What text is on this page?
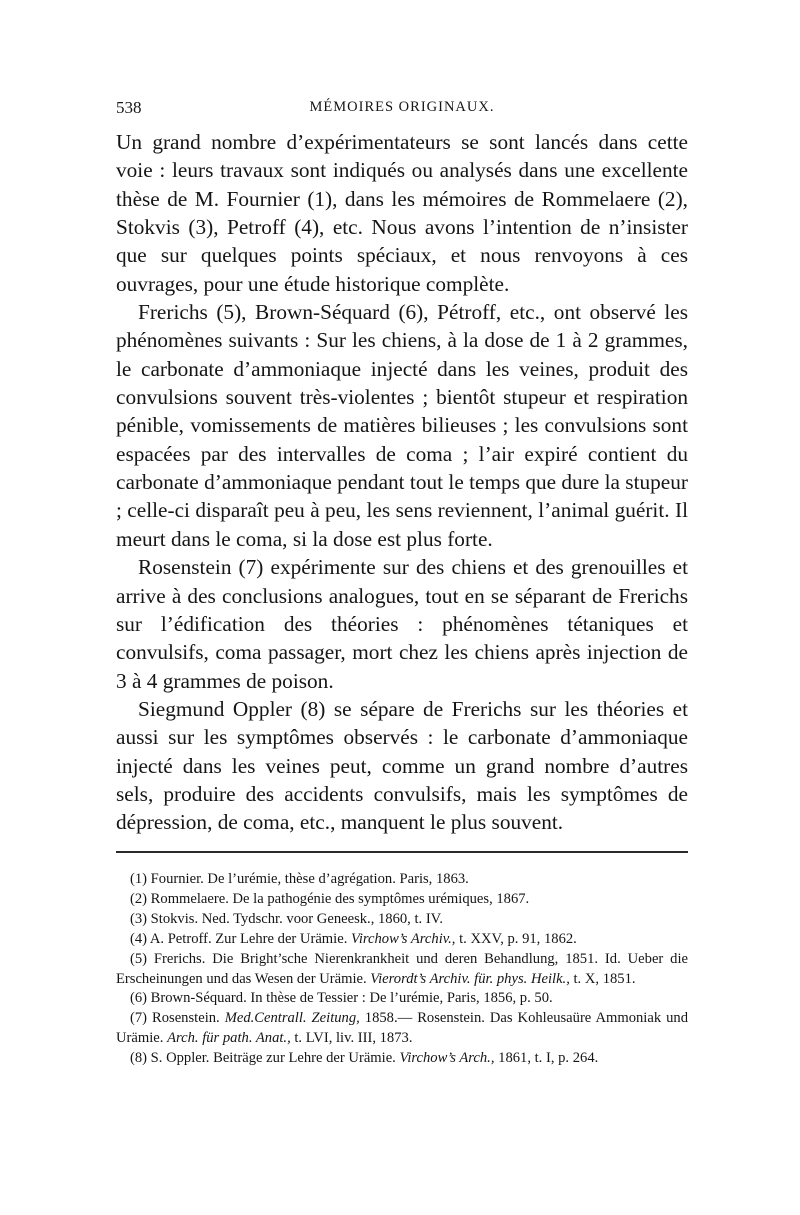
538	MÉMOIRES ORIGINAUX.

Un grand nombre d’expérimentateurs se sont lancés dans cette voie : leurs travaux sont indiqués ou analysés dans une excellente thèse de M. Fournier (1), dans les mémoires de Rommelaere (2), Stokvis (3), Petroff (4), etc. Nous avons l’intention de n’insister que sur quelques points spéciaux, et nous renvoyons à ces ouvrages, pour une étude historique complète.

Frerichs (5), Brown-Séquard (6), Pétroff, etc., ont observé les phénomènes suivants : Sur les chiens, à la dose de 1 à 2 grammes, le carbonate d’ammoniaque injecté dans les veines, produit des convulsions souvent très-violentes ; bientôt stupeur et respiration pénible, vomissements de matières bilieuses ; les convulsions sont espacées par des intervalles de coma ; l’air expiré contient du carbonate d’ammoniaque pendant tout le temps que dure la stupeur ; celle-ci disparaît peu à peu, les sens reviennent, l’animal guérit. Il meurt dans le coma, si la dose est plus forte.

Rosenstein (7) expérimente sur des chiens et des grenouilles et arrive à des conclusions analogues, tout en se séparant de Frerichs sur l’édification des théories : phénomènes tétaniques et convulsifs, coma passager, mort chez les chiens après injection de 3 à 4 grammes de poison.

Siegmund Oppler (8) se sépare de Frerichs sur les théories et aussi sur les symptômes observés : le carbonate d’ammoniaque injecté dans les veines peut, comme un grand nombre d’autres sels, produire des accidents convulsifs, mais les symptômes de dépression, de coma, etc., manquent le plus souvent.

(1) Fournier. De l’urémie, thèse d’agrégation. Paris, 1863.

(2) Rommelaere. De la pathogénie des symptômes urémiques, 1867.

(3) Stokvis. Ned. Tydschr. voor Geneesk., 1860, t. IV.

(4) A. Petroff. Zur Lehre der Urämie. Virchow’s Archiv., t. XXV, p. 91, 1862.

(5) Frerichs. Die Bright’sche Nierenkrankheit und deren Behandlung, 1851. Id. Ueber die Erscheinungen und das Wesen der Urämie. Vierordt’s Archiv. für. phys. Heilk., t. X, 1851.

(6) Brown-Séquard. In thèse de Tessier : De l’urémie, Paris, 1856, p. 50.

(7) Rosenstein. Med.Centrall. Zeitung, 1858.— Rosenstein. Das Kohleusaüre Ammoniak und Urämie. Arch. für path. Anat., t. LVI, liv. III, 1873.

(8) S. Oppler. Beiträge zur Lehre der Urämie. Virchow’s Arch., 1861, t. I, p. 264.
